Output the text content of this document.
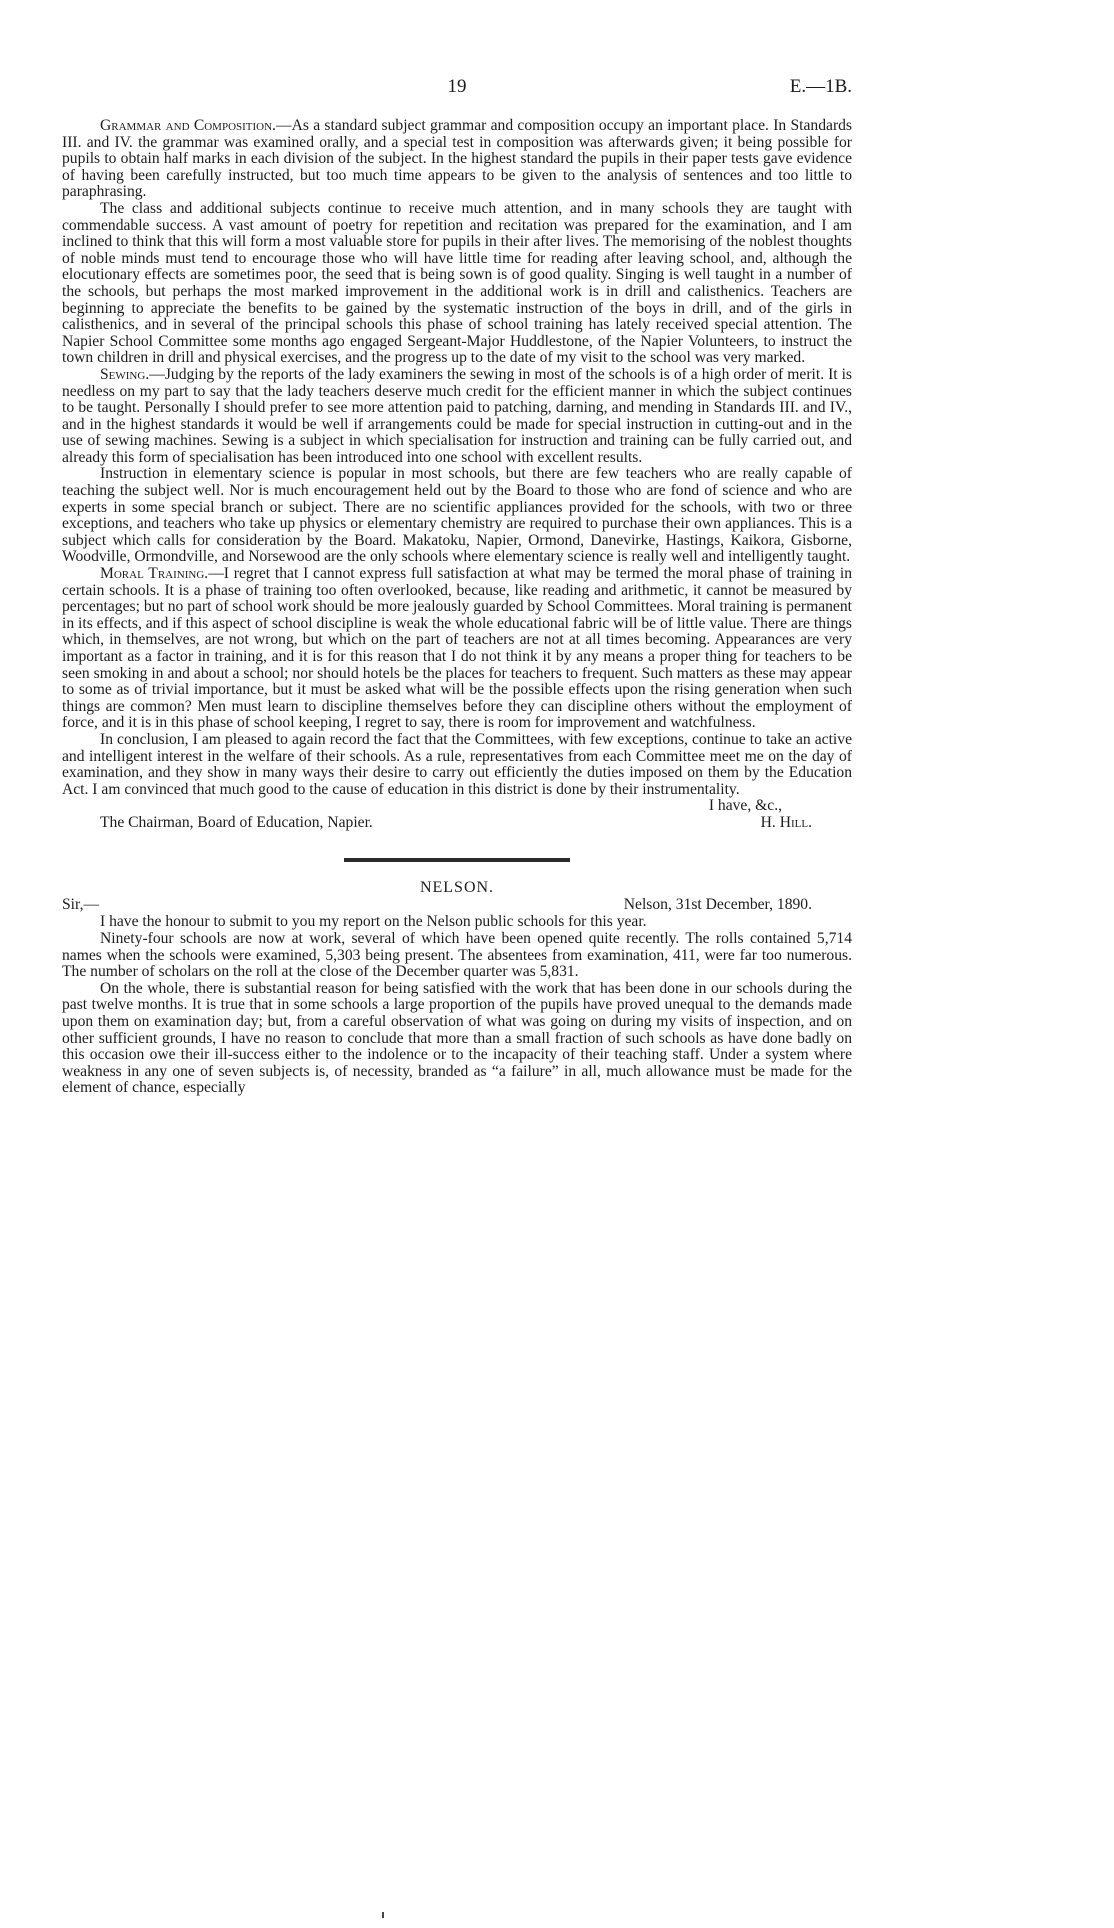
19	E.—1B.

Grammar and Composition.—As a standard subject grammar and composition occupy an important place. In Standards III. and IV. the grammar was examined orally, and a special test in composition was afterwards given; it being possible for pupils to obtain half marks in each division of the subject. In the highest standard the pupils in their paper tests gave evidence of having been carefully instructed, but too much time appears to be given to the analysis of sentences and too little to paraphrasing.

The class and additional subjects continue to receive much attention, and in many schools they are taught with commendable success. A vast amount of poetry for repetition and recitation was prepared for the examination, and I am inclined to think that this will form a most valuable store for pupils in their after lives. The memorising of the noblest thoughts of noble minds must tend to encourage those who will have little time for reading after leaving school, and, although the elocutionary effects are sometimes poor, the seed that is being sown is of good quality. Singing is well taught in a number of the schools, but perhaps the most marked improvement in the additional work is in drill and calisthenics. Teachers are beginning to appreciate the benefits to be gained by the systematic instruction of the boys in drill, and of the girls in calisthenics, and in several of the principal schools this phase of school training has lately received special attention. The Napier School Committee some months ago engaged Sergeant-Major Huddlestone, of the Napier Volunteers, to instruct the town children in drill and physical exercises, and the progress up to the date of my visit to the school was very marked.

Sewing.—Judging by the reports of the lady examiners the sewing in most of the schools is of a high order of merit. It is needless on my part to say that the lady teachers deserve much credit for the efficient manner in which the subject continues to be taught. Personally I should prefer to see more attention paid to patching, darning, and mending in Standards III. and IV., and in the highest standards it would be well if arrangements could be made for special instruction in cutting-out and in the use of sewing machines. Sewing is a subject in which specialisation for instruction and training can be fully carried out, and already this form of specialisation has been introduced into one school with excellent results.

Instruction in elementary science is popular in most schools, but there are few teachers who are really capable of teaching the subject well. Nor is much encouragement held out by the Board to those who are fond of science and who are experts in some special branch or subject. There are no scientific appliances provided for the schools, with two or three exceptions, and teachers who take up physics or elementary chemistry are required to purchase their own appliances. This is a subject which calls for consideration by the Board. Makatoku, Napier, Ormond, Danevirke, Hastings, Kaikora, Gisborne, Woodville, Ormondville, and Norsewood are the only schools where elementary science is really well and intelligently taught.

Moral Training.—I regret that I cannot express full satisfaction at what may be termed the moral phase of training in certain schools. It is a phase of training too often overlooked, because, like reading and arithmetic, it cannot be measured by percentages; but no part of school work should be more jealously guarded by School Committees. Moral training is permanent in its effects, and if this aspect of school discipline is weak the whole educational fabric will be of little value. There are things which, in themselves, are not wrong, but which on the part of teachers are not at all times becoming. Appearances are very important as a factor in training, and it is for this reason that I do not think it by any means a proper thing for teachers to be seen smoking in and about a school; nor should hotels be the places for teachers to frequent. Such matters as these may appear to some as of trivial importance, but it must be asked what will be the possible effects upon the rising generation when such things are common? Men must learn to discipline themselves before they can discipline others without the employment of force, and it is in this phase of school keeping, I regret to say, there is room for improvement and watchfulness.

In conclusion, I am pleased to again record the fact that the Committees, with few exceptions, continue to take an active and intelligent interest in the welfare of their schools. As a rule, representatives from each Committee meet me on the day of examination, and they show in many ways their desire to carry out efficiently the duties imposed on them by the Education Act. I am convinced that much good to the cause of education in this district is done by their instrumentality.

I have, &c.,
The Chairman, Board of Education, Napier.	H. Hill.
NELSON.
Sir,—	Nelson, 31st December, 1890.

I have the honour to submit to you my report on the Nelson public schools for this year.

Ninety-four schools are now at work, several of which have been opened quite recently. The rolls contained 5,714 names when the schools were examined, 5,303 being present. The absentees from examination, 411, were far too numerous. The number of scholars on the roll at the close of the December quarter was 5,831.

On the whole, there is substantial reason for being satisfied with the work that has been done in our schools during the past twelve months. It is true that in some schools a large proportion of the pupils have proved unequal to the demands made upon them on examination day; but, from a careful observation of what was going on during my visits of inspection, and on other sufficient grounds, I have no reason to conclude that more than a small fraction of such schools as have done badly on this occasion owe their ill-success either to the indolence or to the incapacity of their teaching staff. Under a system where weakness in any one of seven subjects is, of necessity, branded as “a failure” in all, much allowance must be made for the element of chance, especially
